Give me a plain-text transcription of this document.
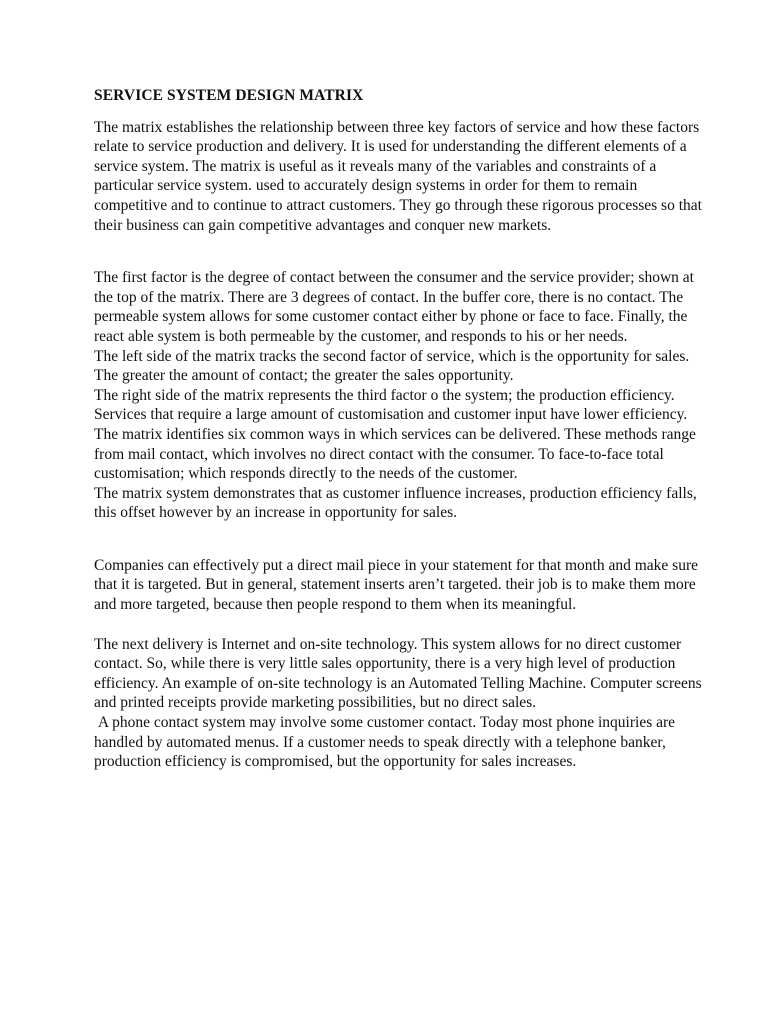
SERVICE SYSTEM DESIGN MATRIX

The matrix establishes the relationship between three key factors of service and how these factors relate to service production and delivery. It is used for understanding the different elements of a service system. The matrix is useful as it reveals many of the variables and constraints of a particular service system. used to accurately design systems in order for them to remain competitive and to continue to attract customers. They go through these rigorous processes so that their business can gain competitive advantages and conquer new markets.

The first factor is the degree of contact between the consumer and the service provider; shown at the top of the matrix. There are 3 degrees of contact. In the buffer core, there is no contact. The permeable system allows for some customer contact either by phone or face to face. Finally, the react able system is both permeable by the customer, and responds to his or her needs.

The left side of the matrix tracks the second factor of service, which is the opportunity for sales. The greater the amount of contact; the greater the sales opportunity.

The right side of the matrix represents the third factor o the system; the production efficiency. Services that require a large amount of customisation and customer input have lower efficiency. The matrix identifies six common ways in which services can be delivered. These methods range from mail contact, which involves no direct contact with the consumer. To face-to-face total customisation; which responds directly to the needs of the customer.

The matrix system demonstrates that as customer influence increases, production efficiency falls, this offset however by an increase in opportunity for sales.

Companies can effectively put a direct mail piece in your statement for that month and make sure that it is targeted. But in general, statement inserts aren’t targeted. their job is to make them more and more targeted, because then people respond to them when its meaningful.

The next delivery is Internet and on-site technology. This system allows for no direct customer contact. So, while there is very little sales opportunity, there is a very high level of production efficiency. An example of on-site technology is an Automated Telling Machine. Computer screens and printed receipts provide marketing possibilities, but no direct sales.

A phone contact system may involve some customer contact. Today most phone inquiries are handled by automated menus. If a customer needs to speak directly with a telephone banker, production efficiency is compromised, but the opportunity for sales increases.
